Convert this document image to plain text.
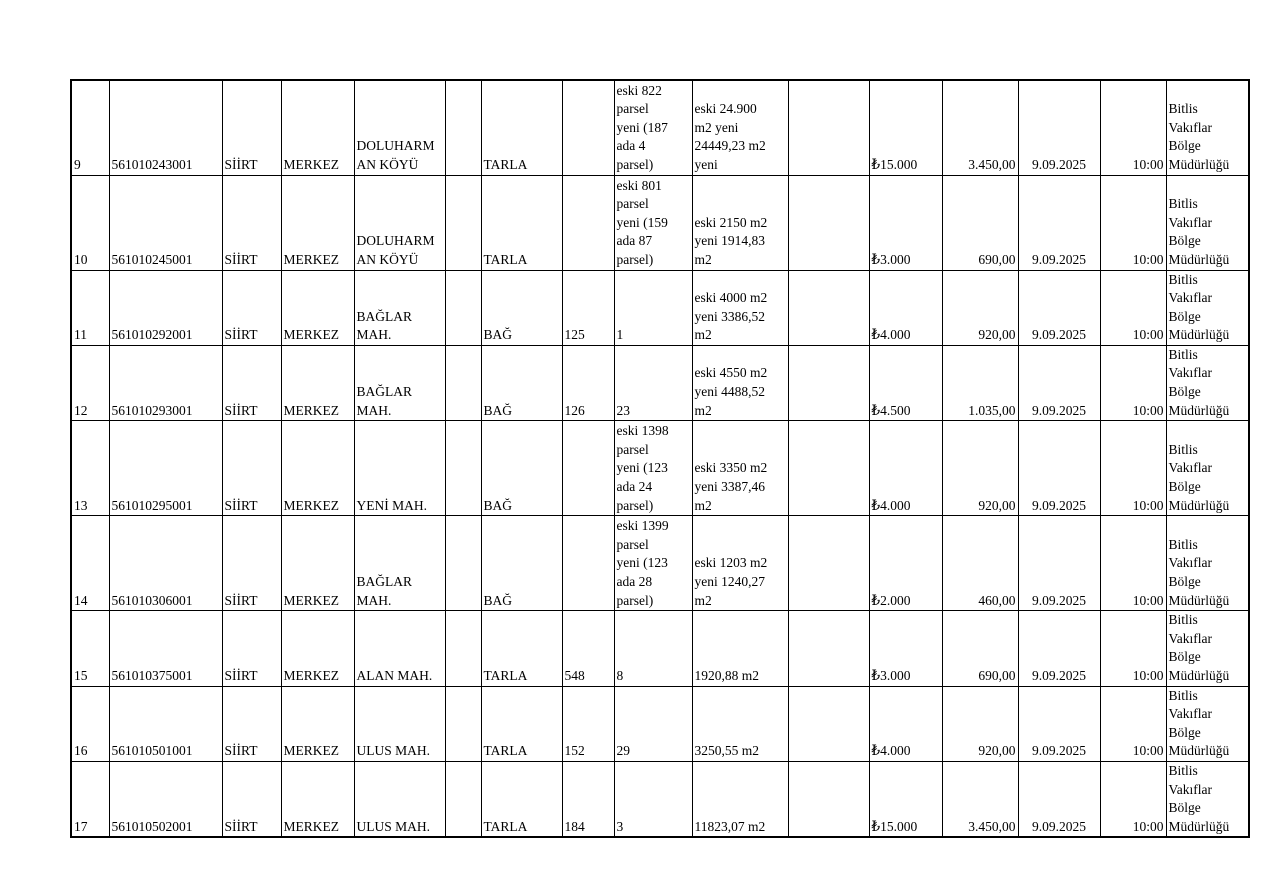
9	561010243001	SİİRT	MERKEZ	DOLUHARM
AN KÖYÜ		TARLA		eski 822
parsel
yeni (187
ada 4
parsel)	eski 24.900
m2 yeni
24449,23 m2
yeni		₺15.000	3.450,00	9.09.2025	10:00	Bitlis
Vakıflar
Bölge
Müdürlüğü

10	561010245001	SİİRT	MERKEZ	DOLUHARM
AN KÖYÜ		TARLA		eski 801
parsel
yeni (159
ada 87
parsel)	eski 2150 m2
yeni 1914,83
m2		₺3.000	690,00	9.09.2025	10:00	Bitlis
Vakıflar
Bölge
Müdürlüğü

11	561010292001	SİİRT	MERKEZ	BAĞLAR
MAH.		BAĞ	125	1	eski 4000 m2
yeni 3386,52
m2		₺4.000	920,00	9.09.2025	10:00	Bitlis
Vakıflar
Bölge
Müdürlüğü

12	561010293001	SİİRT	MERKEZ	BAĞLAR
MAH.		BAĞ	126	23	eski 4550 m2
yeni 4488,52
m2		₺4.500	1.035,00	9.09.2025	10:00	Bitlis
Vakıflar
Bölge
Müdürlüğü

13	561010295001	SİİRT	MERKEZ	YENİ MAH.		BAĞ		eski 1398
parsel
yeni (123
ada 24
parsel)	eski 3350 m2
yeni 3387,46
m2		₺4.000	920,00	9.09.2025	10:00	Bitlis
Vakıflar
Bölge
Müdürlüğü

14	561010306001	SİİRT	MERKEZ	BAĞLAR
MAH.		BAĞ		eski 1399
parsel
yeni (123
ada 28
parsel)	eski 1203 m2
yeni 1240,27
m2		₺2.000	460,00	9.09.2025	10:00	Bitlis
Vakıflar
Bölge
Müdürlüğü

15	561010375001	SİİRT	MERKEZ	ALAN MAH.		TARLA	548	8	1920,88 m2		₺3.000	690,00	9.09.2025	10:00	Bitlis
Vakıflar
Bölge
Müdürlüğü

16	561010501001	SİİRT	MERKEZ	ULUS MAH.		TARLA	152	29	3250,55 m2		₺4.000	920,00	9.09.2025	10:00	Bitlis
Vakıflar
Bölge
Müdürlüğü

17	561010502001	SİİRT	MERKEZ	ULUS MAH.		TARLA	184	3	11823,07 m2		₺15.000	3.450,00	9.09.2025	10:00	Bitlis
Vakıflar
Bölge
Müdürlüğü
